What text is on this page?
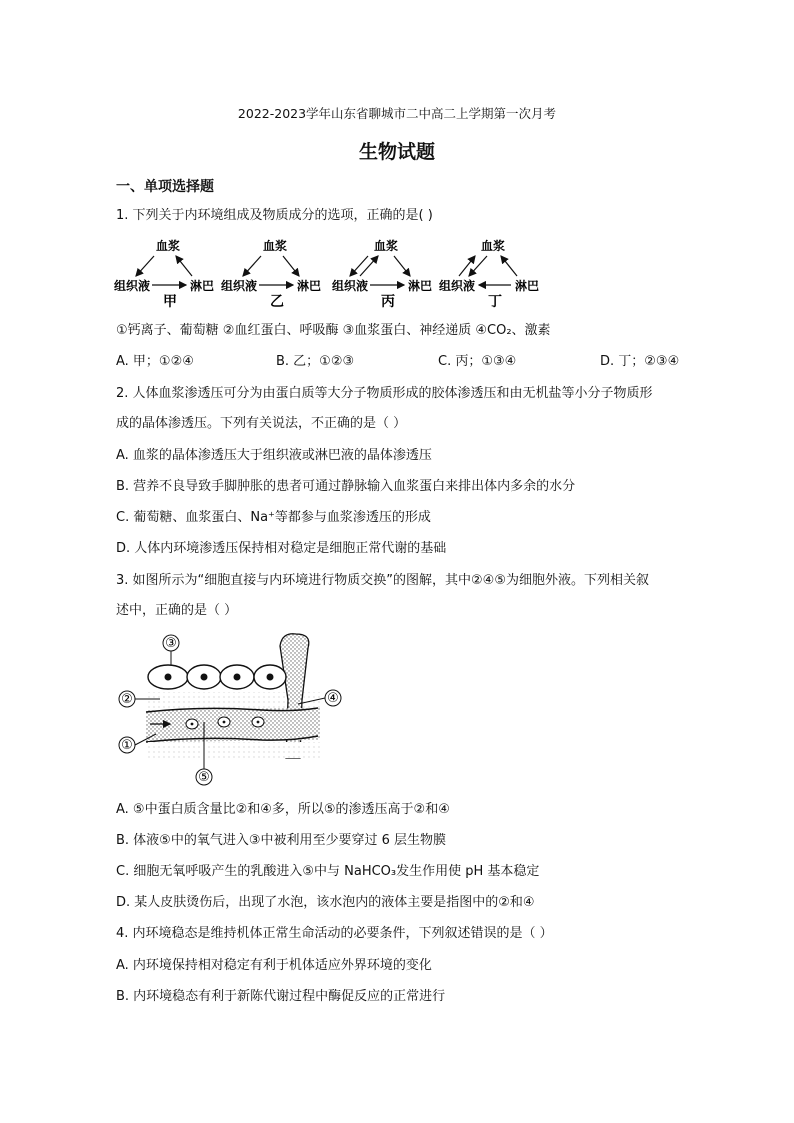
2022-2023学年山东省聊城市二中高二上学期第一次月考
生物试题
一、单项选择题
1. 下列关于内环境组成及物质成分的选项，正确的是( )
血浆
组织液	淋巴
甲
血浆
组织液	淋巴
乙
血浆
组织液	淋巴
丙
血浆
组织液	淋巴
丁
①钙离子、葡萄糖 ②血红蛋白、呼吸酶 ③血浆蛋白、神经递质 ④CO₂、激素
A. 甲；①②④	B. 乙；①②③	C. 丙；①③④	D. 丁；②③④
2. 人体血浆渗透压可分为由蛋白质等大分子物质形成的胶体渗透压和由无机盐等小分子物质形
成的晶体渗透压。下列有关说法，不正确的是（ ）
A. 血浆的晶体渗透压大于组织液或淋巴液的晶体渗透压
B. 营养不良导致手脚肿胀的患者可通过静脉输入血浆蛋白来排出体内多余的水分
C. 葡萄糖、血浆蛋白、Na⁺等都参与血浆渗透压的形成
D. 人体内环境渗透压保持相对稳定是细胞正常代谢的基础
3. 如图所示为“细胞直接与内环境进行物质交换”的图解，其中②④⑤为细胞外液。下列相关叙
述中，正确的是（ ）
③
②	④
①
⑤
A. ⑤中蛋白质含量比②和④多，所以⑤的渗透压高于②和④
B. 体液⑤中的氧气进入③中被利用至少要穿过 6 层生物膜
C. 细胞无氧呼吸产生的乳酸进入⑤中与 NaHCO₃发生作用使 pH 基本稳定
D. 某人皮肤烫伤后，出现了水泡，该水泡内的液体主要是指图中的②和④
4. 内环境稳态是维持机体正常生命活动的必要条件，下列叙述错误的是（ ）
A. 内环境保持相对稳定有利于机体适应外界环境的变化
B. 内环境稳态有利于新陈代谢过程中酶促反应的正常进行
